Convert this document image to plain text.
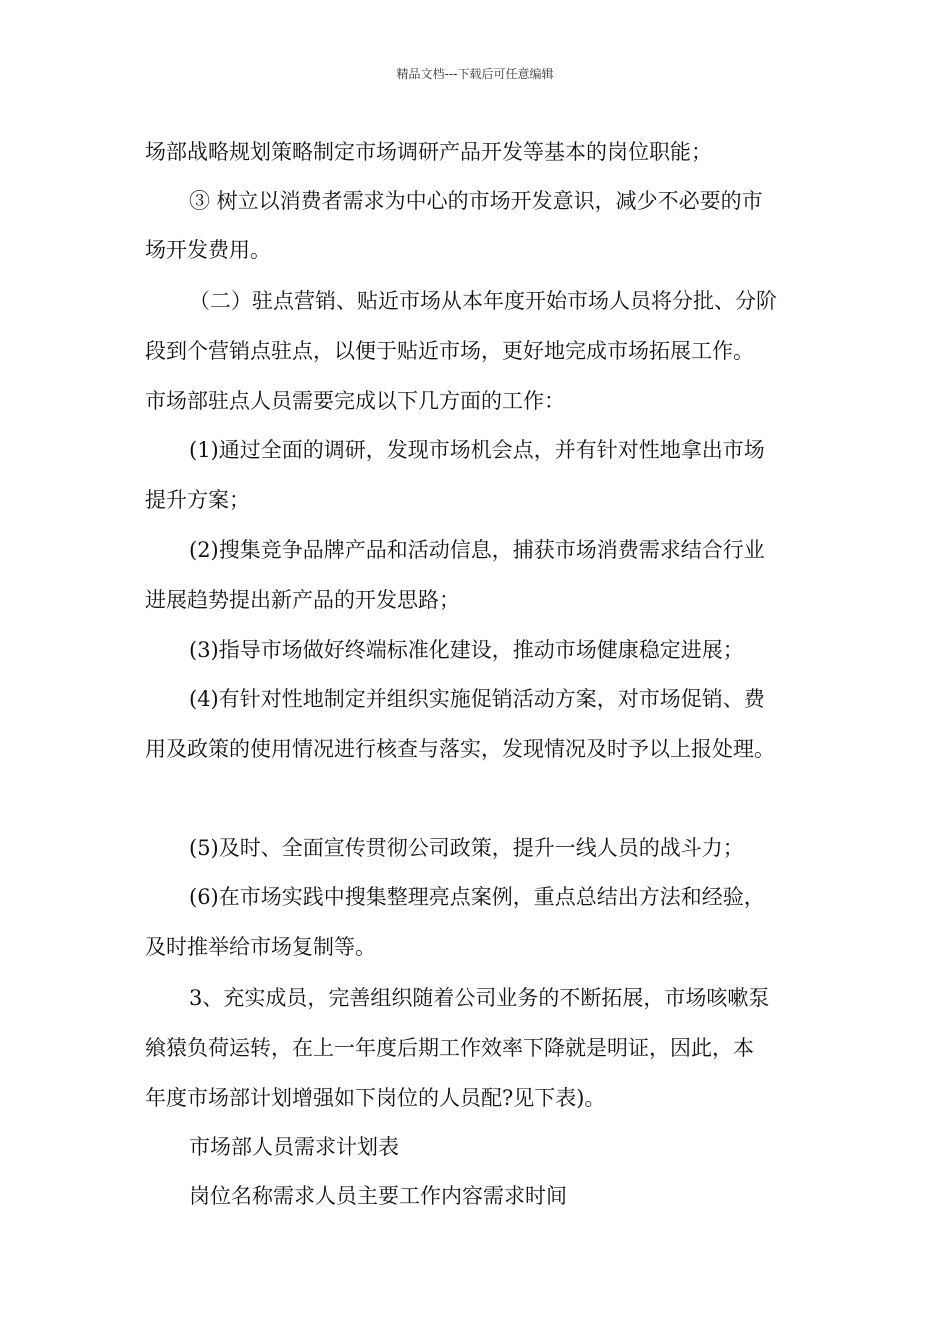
精品文档---下载后可任意编辑
场部战略规划策略制定市场调研产品开发等基本的岗位职能；
③ 树立以消费者需求为中心的市场开发意识，减少不必要的市
场开发费用。
（二）驻点营销、贴近市场从本年度开始市场人员将分批、分阶
段到个营销点驻点，以便于贴近市场，更好地完成市场拓展工作。
市场部驻点人员需要完成以下几方面的工作：
(1)通过全面的调研，发现市场机会点，并有针对性地拿出市场
提升方案；
(2)搜集竞争品牌产品和活动信息，捕获市场消费需求结合行业
进展趋势提出新产品的开发思路；
(3)指导市场做好终端标准化建设，推动市场健康稳定进展；
(4)有针对性地制定并组织实施促销活动方案，对市场促销、费
用及政策的使用情况进行核查与落实，发现情况及时予以上报处理。
(5)及时、全面宣传贯彻公司政策，提升一线人员的战斗力；
(6)在市场实践中搜集整理亮点案例，重点总结出方法和经验，
及时推举给市场复制等。
3、充实成员，完善组织随着公司业务的不断拓展，市场咳嗽泵
飨猿负荷运转，在上一年度后期工作效率下降就是明证，因此，本
年度市场部计划增强如下岗位的人员配?见下表)。
市场部人员需求计划表
岗位名称需求人员主要工作内容需求时间
